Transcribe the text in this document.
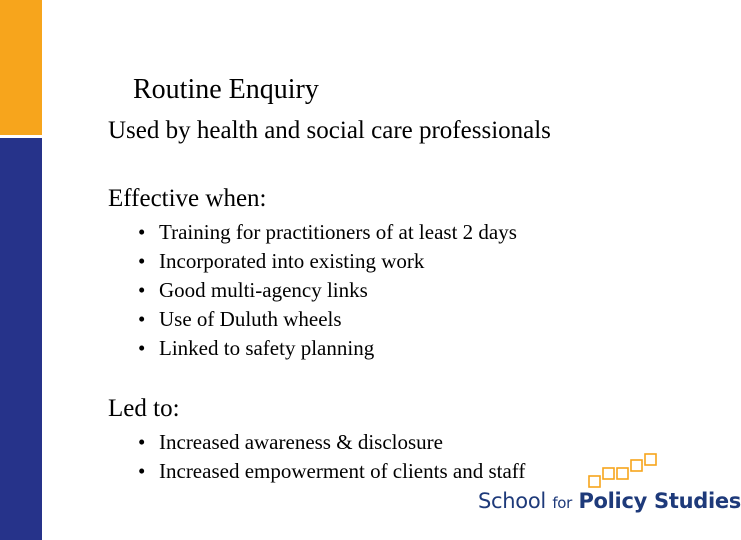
Routine Enquiry
Used by health and social care professionals
Effective when:
• Training for practitioners of at least 2 days
• Incorporated into existing work
• Good multi-agency links
• Use of Duluth wheels
• Linked to safety planning
Led to:
• Increased awareness & disclosure
• Increased empowerment of clients and staff
School for Policy Studies
